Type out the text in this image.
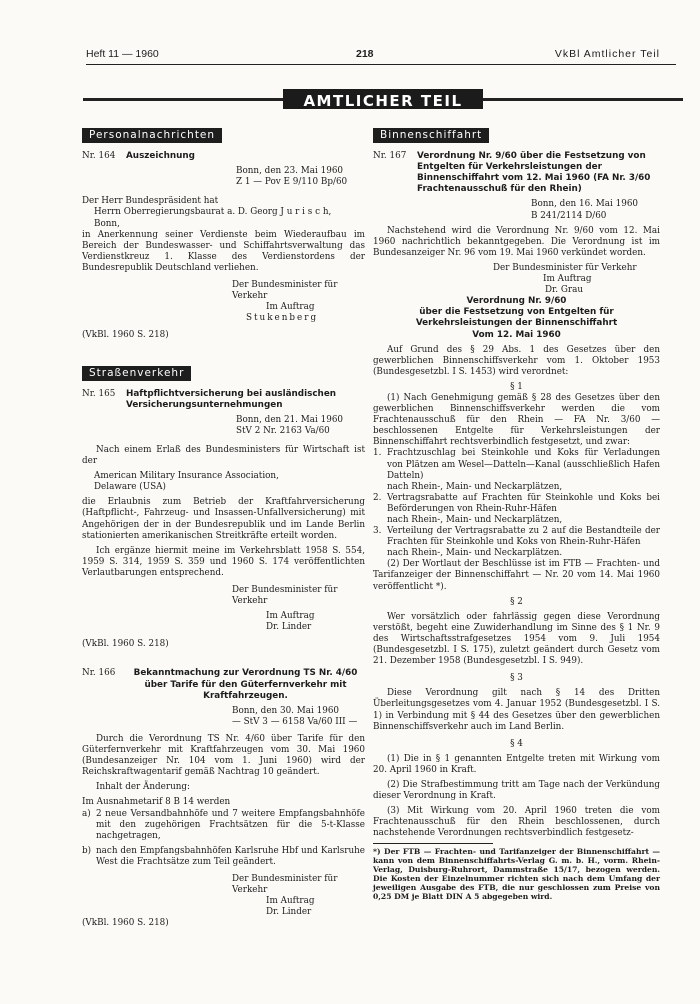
Heft 11 — 1960	218	VkBl Amtlicher Teil
AMTLICHER TEIL
Personalnachrichten
Nr. 164	Auszeichnung

Bonn, den 23. Mai 1960

Z 1 — Pov E 9/110 Bp/60

Der Herr Bundespräsident hat

Herrn Oberregierungsbaurat a. D. Georg J u r i s c h,

Bonn,

in Anerkennung seiner Verdienste beim Wiederaufbau im Bereich der Bundeswasser- und Schiffahrtsverwaltung das Verdienstkreuz 1. Klasse des Verdienstordens der Bundesrepublik Deutschland verliehen.

Der Bundesminister für Verkehr

Im Auftrag

Stukenberg

(VkBl. 1960 S. 218)

Straßenverkehr
Nr. 165	Haftpflichtversicherung bei ausländischen Versicherungsunternehmungen

Bonn, den 21. Mai 1960

StV 2 Nr. 2163 Va/60

Nach einem Erlaß des Bundesministers für Wirtschaft ist der

American Military Insurance Association,

Delaware (USA)

die Erlaubnis zum Betrieb der Kraftfahrversicherung (Haftpflicht-, Fahrzeug- und Insassen-Unfallversicherung) mit Angehörigen der in der Bundesrepublik und im Lande Berlin stationierten amerikanischen Streitkräfte erteilt worden.

Ich ergänze hiermit meine im Verkehrsblatt 1958 S. 554, 1959 S. 314, 1959 S. 359 und 1960 S. 174 veröffentlichten Verlautbarungen entsprechend.

Der Bundesminister für Verkehr

Im Auftrag

Dr. Linder

(VkBl. 1960 S. 218)

Nr. 166	Bekanntmachung zur Verordnung TS Nr. 4/60 über Tarife für den Güterfernverkehr mit Kraftfahrzeugen.

Bonn, den 30. Mai 1960

— StV 3 — 6158 Va/60 III —

Durch die Verordnung TS Nr. 4/60 über Tarife für den Güterfernverkehr mit Kraftfahrzeugen vom 30. Mai 1960 (Bundesanzeiger Nr. 104 vom 1. Juni 1960) wird der Reichskraftwagentarif gemäß Nachtrag 10 geändert.

Inhalt der Änderung:

Im Ausnahmetarif 8 B 14 werden

a) 2 neue Versandbahnhöfe und 7 weitere Empfangsbahnhöfe mit den zugehörigen Frachtsätzen für die 5-t-Klasse nachgetragen,
b) nach den Empfangsbahnhöfen Karlsruhe Hbf und Karlsruhe West die Frachtsätze zum Teil geändert.

Der Bundesminister für Verkehr

Im Auftrag

Dr. Linder

(VkBl. 1960 S. 218)

Binnenschiffahrt
Nr. 167	Verordnung Nr. 9/60 über die Festsetzung von Entgelten für Verkehrsleistungen der Binnenschiffahrt vom 12. Mai 1960 (FA Nr. 3/60 Frachtenausschuß für den Rhein)

Bonn, den 16. Mai 1960

B 241/2114 D/60

Nachstehend wird die Verordnung Nr. 9/60 vom 12. Mai 1960 nachrichtlich bekanntgegeben. Die Verordnung ist im Bundesanzeiger Nr. 96 vom 19. Mai 1960 verkündet worden.

Der Bundesminister für Verkehr

Im Auftrag

Dr. Grau

Verordnung Nr. 9/60

über die Festsetzung von Entgelten für Verkehrsleistungen der Binnenschiffahrt

Vom 12. Mai 1960

Auf Grund des § 29 Abs. 1 des Gesetzes über den gewerblichen Binnenschiffsverkehr vom 1. Oktober 1953 (Bundesgesetzbl. I S. 1453) wird verordnet:

§ 1

(1) Nach Genehmigung gemäß § 28 des Gesetzes über den gewerblichen Binnenschiffsverkehr werden die vom Frachtenausschuß für den Rhein — FA Nr. 3/60 — beschlossenen Entgelte für Verkehrsleistungen der Binnenschiffahrt rechtsverbindlich festgesetzt, und zwar:

1. Frachtzuschlag bei Steinkohle und Koks für Verladungen von Plätzen am Wesel—Datteln—Kanal (ausschließlich Hafen Datteln)

nach Rhein-, Main- und Neckarplätzen,

2. Vertragsrabatte auf Frachten für Steinkohle und Koks bei Beförderungen von Rhein-Ruhr-Häfen

nach Rhein-, Main- und Neckarplätzen,

3. Verteilung der Vertragsrabatte zu 2 auf die Bestandteile der Frachten für Steinkohle und Koks von Rhein-Ruhr-Häfen

nach Rhein-, Main- und Neckarplätzen.

(2) Der Wortlaut der Beschlüsse ist im FTB — Frachten- und Tarifanzeiger der Binnenschiffahrt — Nr. 20 vom 14. Mai 1960 veröffentlicht *).

§ 2

Wer vorsätzlich oder fahrlässig gegen diese Verordnung verstößt, begeht eine Zuwiderhandlung im Sinne des § 1 Nr. 9 des Wirtschaftsstrafgesetzes 1954 vom 9. Juli 1954 (Bundesgesetzbl. I S. 175), zuletzt geändert durch Gesetz vom 21. Dezember 1958 (Bundesgesetzbl. I S. 949).

§ 3

Diese Verordnung gilt nach § 14 des Dritten Überleitungsgesetzes vom 4. Januar 1952 (Bundesgesetzbl. I S. 1) in Verbindung mit § 44 des Gesetzes über den gewerblichen Binnenschiffsverkehr auch im Land Berlin.

§ 4

(1) Die in § 1 genannten Entgelte treten mit Wirkung vom 20. April 1960 in Kraft.

(2) Die Strafbestimmung tritt am Tage nach der Verkündung dieser Verordnung in Kraft.

(3) Mit Wirkung vom 20. April 1960 treten die vom Frachtenausschuß für den Rhein beschlossenen, durch nachstehende Verordnungen rechtsverbindlich festgesetz-

*) Der FTB — Frachten- und Tarifanzeiger der Binnenschiffahrt — kann von dem Binnenschiffahrts-Verlag G. m. b. H., vorm. Rhein-Verlag, Duisburg-Ruhrort, Dammstraße 15/17, bezogen werden. Die Kosten der Einzelnummer richten sich nach dem Umfang der jeweiligen Ausgabe des FTB, die nur geschlossen zum Preise von 0,25 DM je Blatt DIN A 5 abgegeben wird.
